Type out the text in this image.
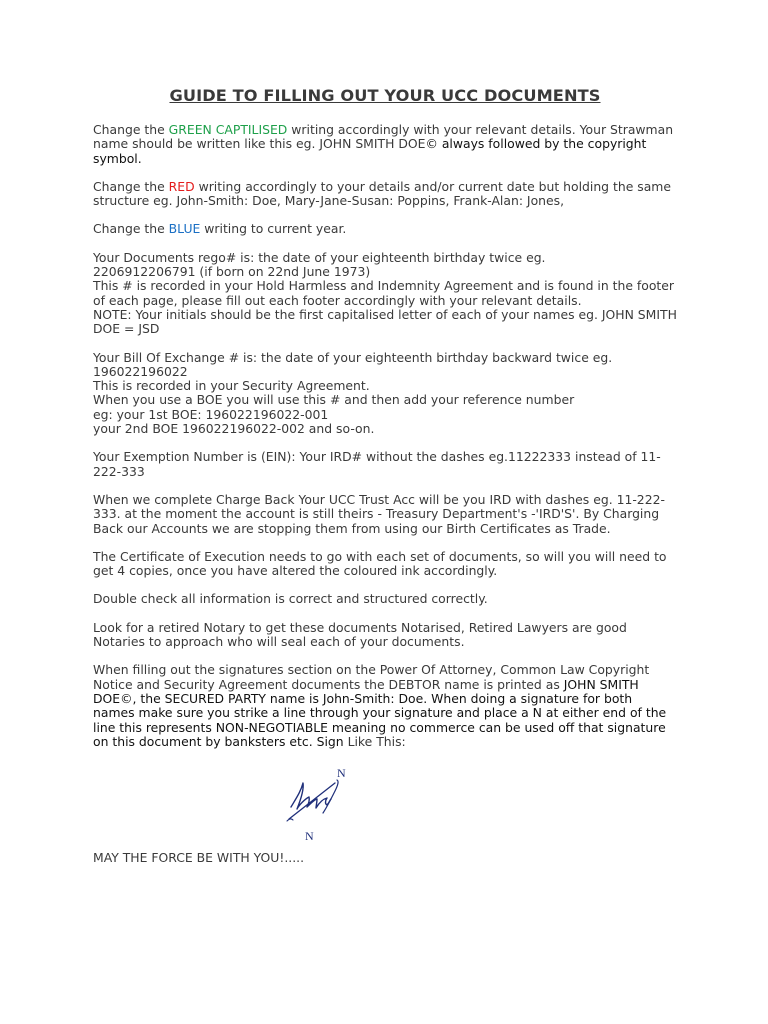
GUIDE TO FILLING OUT YOUR UCC DOCUMENTS

Change the GREEN CAPTILISED writing accordingly with your relevant details. Your Strawman name should be written like this eg. JOHN SMITH DOE© always followed by the copyright symbol.

Change the RED writing accordingly to your details and/or current date but holding the same structure eg. John-Smith: Doe, Mary-Jane-Susan: Poppins, Frank-Alan: Jones,

Change the BLUE writing to current year.

Your Documents rego# is: the date of your eighteenth birthday twice eg.
2206912206791 (if born on 22nd June 1973)
This # is recorded in your Hold Harmless and Indemnity Agreement and is found in the footer of each page, please fill out each footer accordingly with your relevant details.
NOTE: Your initials should be the first capitalised letter of each of your names eg. JOHN SMITH DOE = JSD

Your Bill Of Exchange # is: the date of your eighteenth birthday backward twice eg.
196022196022
This is recorded in your Security Agreement.
When you use a BOE you will use this # and then add your reference number
eg: your 1st BOE: 196022196022-001
your 2nd BOE 196022196022-002 and so-on.

Your Exemption Number is (EIN): Your IRD# without the dashes eg.11222333 instead of 11-222-333

When we complete Charge Back Your UCC Trust Acc will be you IRD with dashes eg. 11-222-333. at the moment the account is still theirs - Treasury Department's -'IRD'S'. By Charging Back our Accounts we are stopping them from using our Birth Certificates as Trade.

The Certificate of Execution needs to go with each set of documents, so will you will need to get 4 copies, once you have altered the coloured ink accordingly.

Double check all information is correct and structured correctly.

Look for a retired Notary to get these documents Notarised, Retired Lawyers are good Notaries to approach who will seal each of your documents.

When filling out the signatures section on the Power Of Attorney, Common Law Copyright Notice and Security Agreement documents the DEBTOR name is printed as JOHN SMITH DOE©, the SECURED PARTY name is John-Smith: Doe. When doing a signature for both names make sure you strike a line through your signature and place a N at either end of the line this represents NON-NEGOTIABLE meaning no commerce can be used off that signature on this document by banksters etc. Sign Like This:

N
N

MAY THE FORCE BE WITH YOU!.....
